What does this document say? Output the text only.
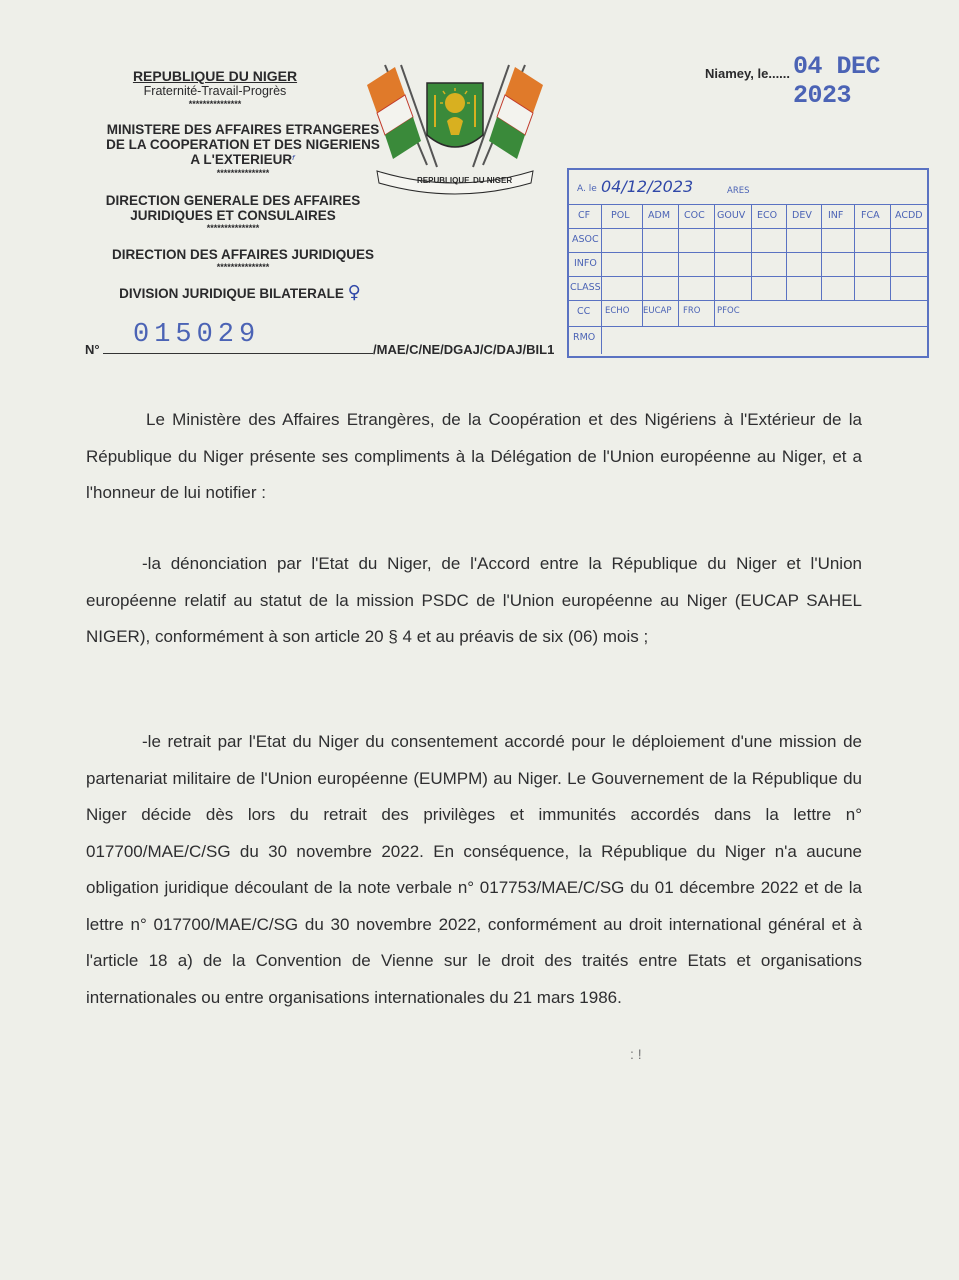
REPUBLIQUE DU NIGER
Fraternité-Travail-Progrès
***************
MINISTERE DES AFFAIRES ETRANGERES
DE LA COOPERATION ET DES NIGERIENS
A L'EXTERIEURᶠ
***************
DIRECTION GENERALE DES AFFAIRES
JURIDIQUES ET CONSULAIRES
***************
DIRECTION DES AFFAIRES JURIDIQUES
***************
DIVISION JURIDIQUE BILATERALE ♀
N° 015029	/MAE/C/NE/DGAJ/C/DAJ/BIL1
REPUBLIQUE DU NIGER
Niamey, le...... 04 DEC 2023
A. le 04/12/2023	ARES
CF
ASOC
INFO
CLASS
CC
RMO
POL ADM COC GOUV ECO DEV INF FCA ACDD
ECHO EUCAP FRO PFOC
Le Ministère des Affaires Etrangères, de la Coopération et des Nigériens à l'Extérieur de la République du Niger présente ses compliments à la Délégation de l'Union européenne au Niger, et a l'honneur de lui notifier :
-la dénonciation par l'Etat du Niger, de l'Accord entre la République du Niger et l'Union européenne relatif au statut de la mission PSDC de l'Union européenne au Niger (EUCAP SAHEL NIGER), conformément à son article 20 § 4 et au préavis de six (06) mois ;
-le retrait par l'Etat du Niger du consentement accordé pour le déploiement d'une mission de partenariat militaire de l'Union européenne (EUMPM) au Niger. Le Gouvernement de la République du Niger décide dès lors du retrait des privilèges et immunités accordés dans la lettre n° 017700/MAE/C/SG du 30 novembre 2022. En conséquence, la République du Niger n'a aucune obligation juridique découlant de la note verbale n° 017753/MAE/C/SG du 01 décembre 2022 et de la lettre n° 017700/MAE/C/SG du 30 novembre 2022, conformément au droit international général et à l'article 18 a) de la Convention de Vienne sur le droit des traités entre Etats et organisations internationales ou entre organisations internationales du 21 mars 1986.
: !
